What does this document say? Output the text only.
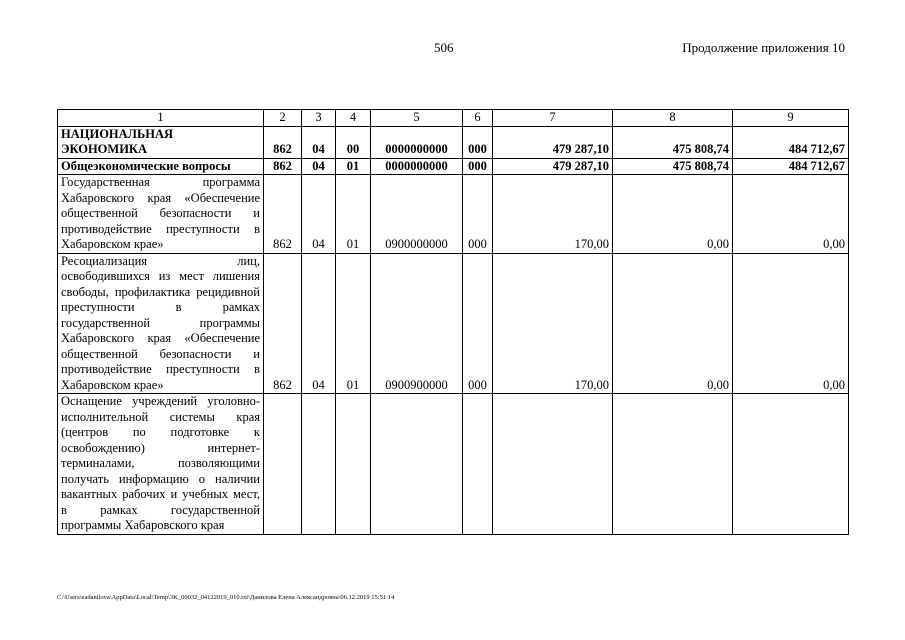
506	Продолжение приложения 10
1	2	3	4	5	6	7	8	9
НАЦИОНАЛЬНАЯ ЭКОНОМИКА	862	04	00	0000000000	000	479 287,10	475 808,74	484 712,67
Общеэкономические вопросы	862	04	01	0000000000	000	479 287,10	475 808,74	484 712,67
Государственная программа Хабаровского края «Обеспечение общественной безопасности и противодействие преступности в Хабаровском крае»	862	04	01	0900000000	000	170,00	0,00	0,00
Ресоциализация лиц, освободившихся из мест лишения свободы, профилактика рецидивной преступности в рамках государственной программы Хабаровского края «Обеспечение общественной безопасности и противодействие преступности в Хабаровском крае»	862	04	01	0900900000	000	170,00	0,00	0,00
Оснащение учреждений уголовно-исполнительной системы края (центров по подготовке к освобождению) интернет-терминалами, позволяющими получать информацию о наличии вакантных рабочих и учебных мест, в рамках государственной программы Хабаровского края								
C:\Users\eadanilova\AppData\Local\Temp\3K_00032_04122019_010.txt\Данилова Елена Александровна\06.12.2019 15:51:14
